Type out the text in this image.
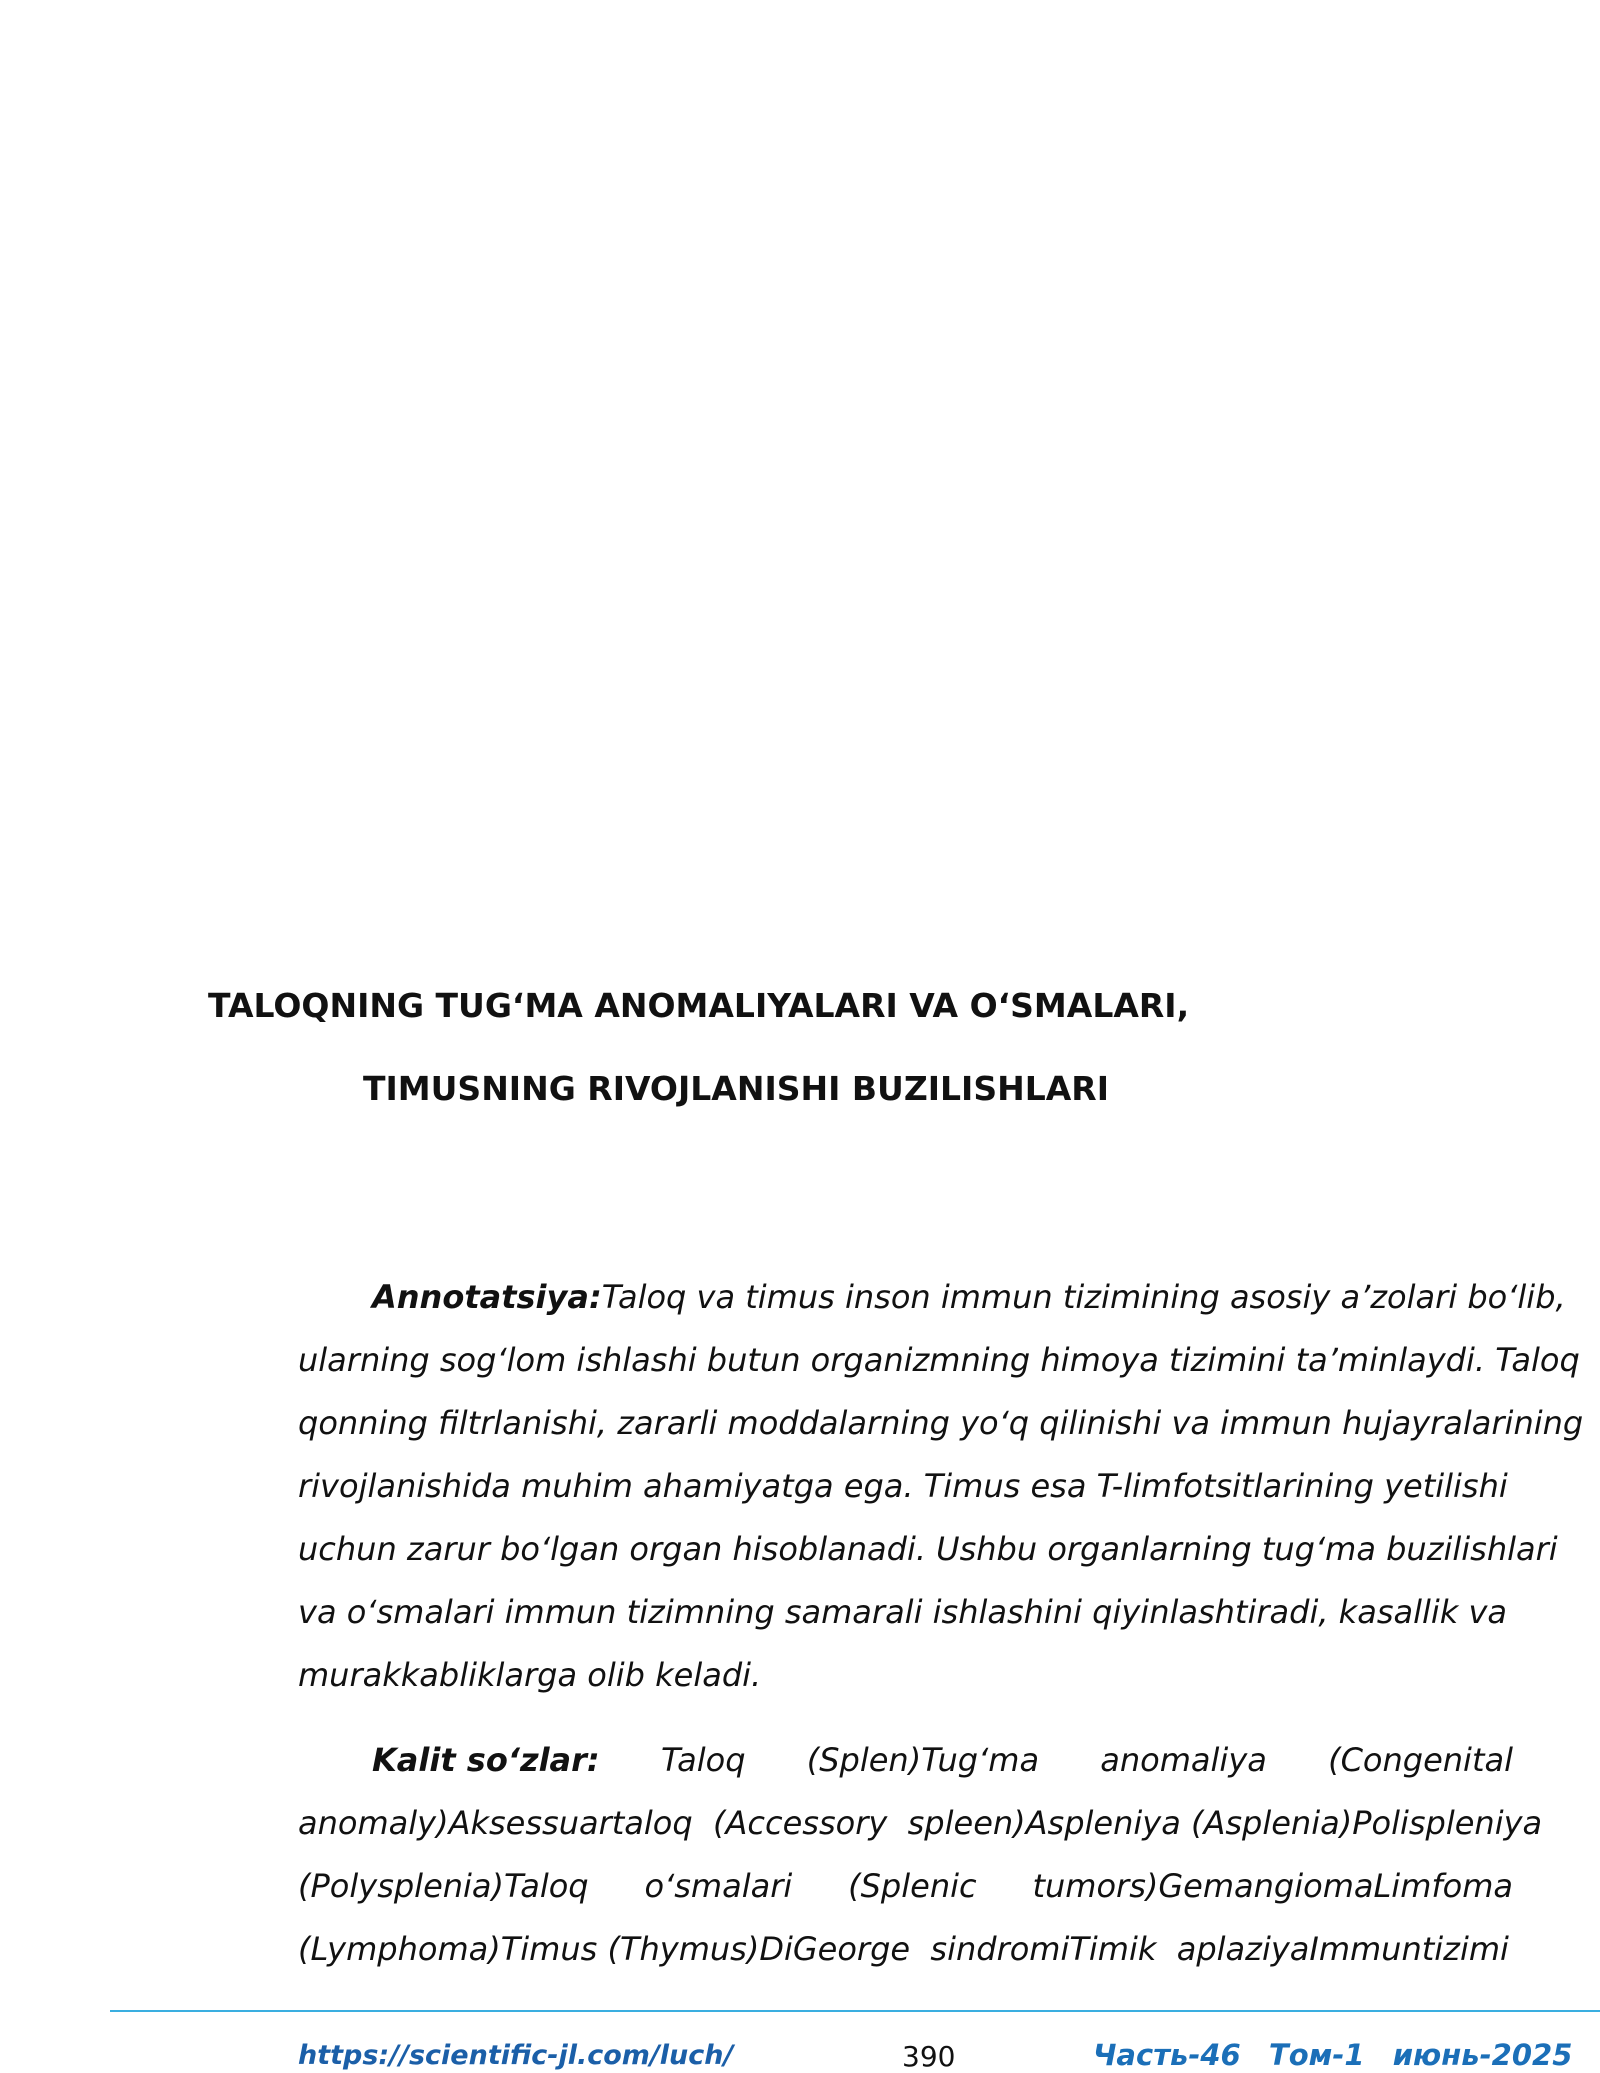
TALOQNING TUG‘MA ANOMALIYALARI VA O‘SMALARI,
TIMUSNING RIVOJLANISHI BUZILISHLARI
Annotatsiya:Taloq va timus inson immun tizimining asosiy a’zolari bo‘lib,
ularning sog‘lom ishlashi butun organizmning himoya tizimini ta’minlaydi. Taloq
qonning filtrlanishi, zararli moddalarning yo‘q qilinishi va immun hujayralarining
rivojlanishida muhim ahamiyatga ega. Timus esa T-limfotsitlarining yetilishi
uchun zarur bo‘lgan organ hisoblanadi. Ushbu organlarning tug‘ma buzilishlari
va o‘smalari immun tizimning samarali ishlashini qiyinlashtiradi, kasallik va
murakkabliklarga olib keladi.
Kalit so‘zlar: Taloq (Splen)Tug‘ma anomaliya (Congenital
anomaly)Aksessuartaloq  (Accessory  spleen)Aspleniya (Asplenia)Polispleniya
(Polysplenia)Taloq o‘smalari (Splenic tumors)GemangiomaLimfoma
(Lymphoma)Timus (Thymus)DiGeorge  sindromiTimik  aplaziyaImmuntizimi
https://scientific-jl.com/luch/	390	Часть-46  Том-1  июнь-2025
